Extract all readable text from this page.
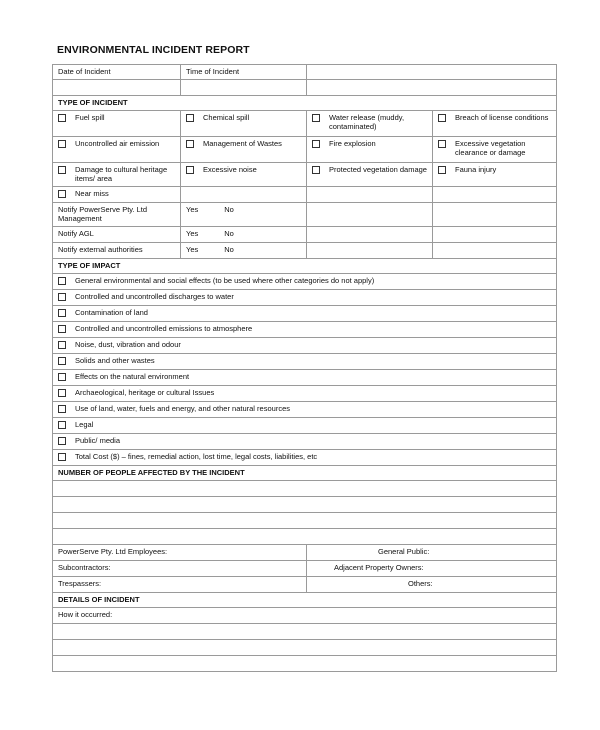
ENVIRONMENTAL INCIDENT REPORT
Date of Incident	Time of Incident		

TYPE OF INCIDENT			

Fuel spill	Chemical spill	Water release (muddy, contaminated)	Breach of license conditions

Uncontrolled air emission	Management of Wastes	Fire explosion	Excessive vegetation clearance or damage

Damage to cultural heritage items/ area	Excessive noise	Protected vegetation damage	Fauna injury

Near miss			

Notify PowerServe Pty. Ltd Management	Yes No		
Notify AGL	Yes No		
Notify external authorities	Yes No		
TYPE OF IMPACT			

General environmental and social effects (to be used where other categories do not apply)			

Controlled and uncontrolled discharges to water			

Contamination of land			

Controlled and uncontrolled emissions to atmosphere			

Noise, dust, vibration and odour			

Solids and other wastes			

Effects on the natural environment			

Archaeological, heritage or cultural Issues			

Use of land, water, fuels and energy, and other natural resources			

Legal			

Public/ media			

Total Cost ($) – fines, remedial action, lost time, legal costs, liabilities, etc			

NUMBER OF PEOPLE AFFECTED BY THE INCIDENT			

PowerServe Pty. Ltd Employees:		General Public:	

Subcontractors:		Adjacent Property Owners:	

Trespassers:		Others:	

DETAILS OF INCIDENT			
How it occurred:			
